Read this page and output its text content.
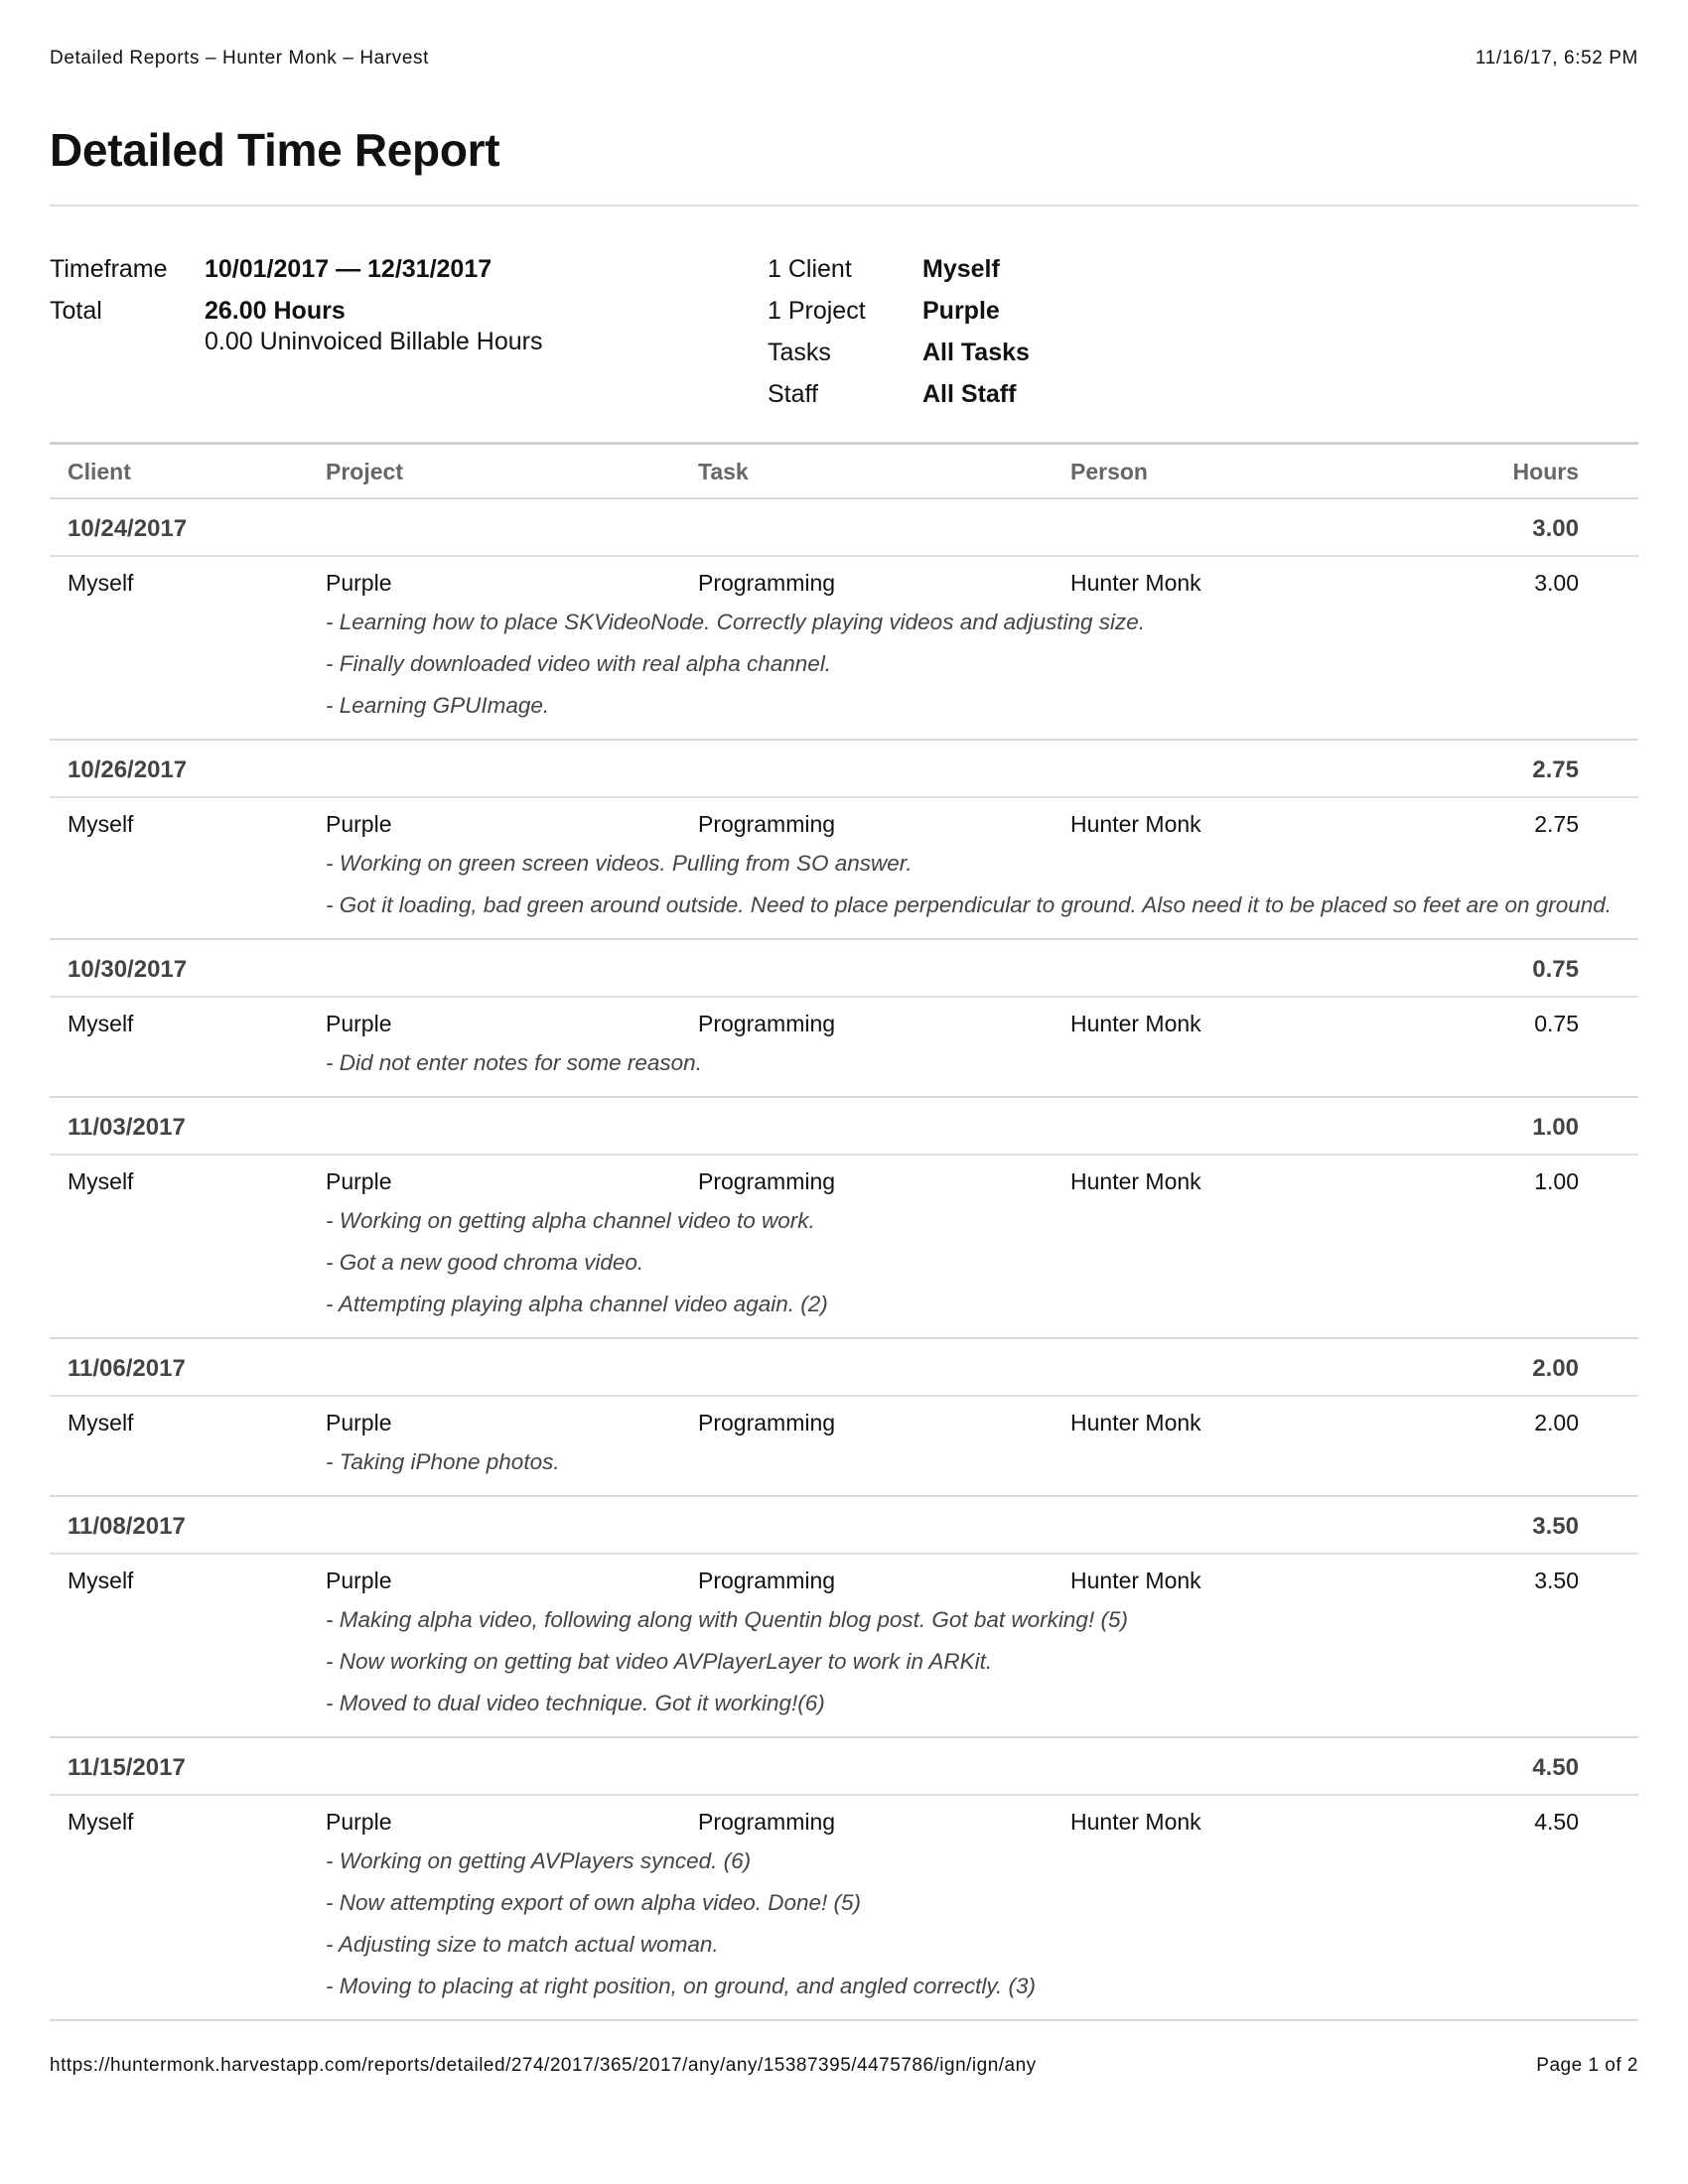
Detailed Reports – Hunter Monk – Harvest	11/16/17, 6:52 PM
Detailed Time Report
Timeframe	10/01/2017 — 12/31/2017
Total	26.00 Hours
0.00 Uninvoiced Billable Hours
1 Client	Myself
1 Project	Purple
Tasks	All Tasks
Staff	All Staff
Client	Project	Task	Person	Hours
10/24/2017	3.00
Myself	Purple	Programming	Hunter Monk	3.00
- Learning how to place SKVideoNode. Correctly playing videos and adjusting size.
- Finally downloaded video with real alpha channel.
- Learning GPUImage.
10/26/2017	2.75
Myself	Purple	Programming	Hunter Monk	2.75
- Working on green screen videos. Pulling from SO answer.
- Got it loading, bad green around outside. Need to place perpendicular to ground. Also need it to be placed so feet are on ground.
10/30/2017	0.75
Myself	Purple	Programming	Hunter Monk	0.75
- Did not enter notes for some reason.
11/03/2017	1.00
Myself	Purple	Programming	Hunter Monk	1.00
- Working on getting alpha channel video to work.
- Got a new good chroma video.
- Attempting playing alpha channel video again. (2)
11/06/2017	2.00
Myself	Purple	Programming	Hunter Monk	2.00
- Taking iPhone photos.
11/08/2017	3.50
Myself	Purple	Programming	Hunter Monk	3.50
- Making alpha video, following along with Quentin blog post. Got bat working! (5)
- Now working on getting bat video AVPlayerLayer to work in ARKit.
- Moved to dual video technique. Got it working!(6)
11/15/2017	4.50
Myself	Purple	Programming	Hunter Monk	4.50
- Working on getting AVPlayers synced. (6)
- Now attempting export of own alpha video. Done! (5)
- Adjusting size to match actual woman.
- Moving to placing at right position, on ground, and angled correctly. (3)
https://huntermonk.harvestapp.com/reports/detailed/274/2017/365/2017/any/any/15387395/4475786/ign/ign/any	Page 1 of 2
